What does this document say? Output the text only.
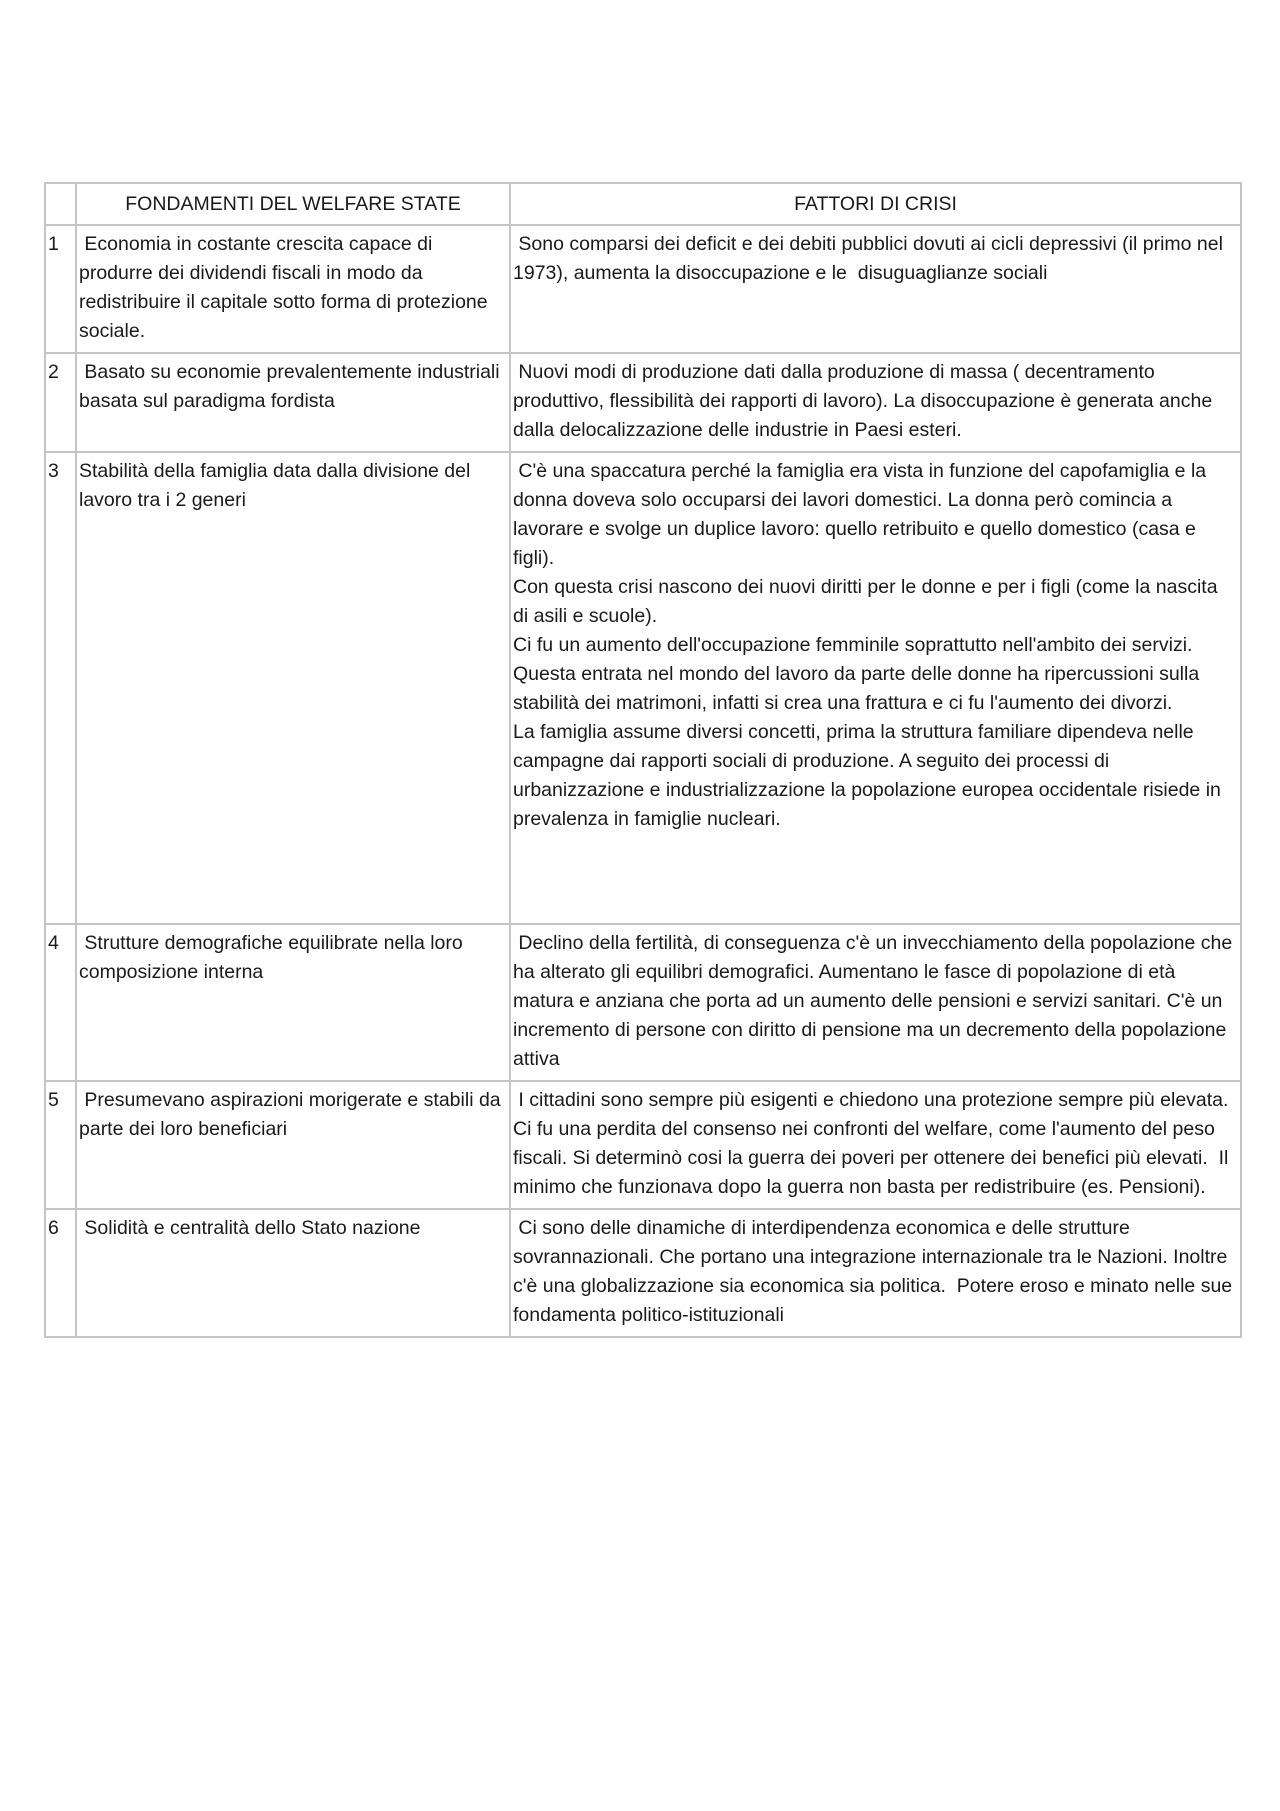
	FONDAMENTI DEL WELFARE STATE	FATTORI DI CRISI
1	Economia in costante crescita capace di produrre dei dividendi fiscali in modo da redistribuire il capitale sotto forma di protezione sociale.	Sono comparsi dei deficit e dei debiti pubblici dovuti ai cicli depressivi (il primo nel 1973), aumenta la disoccupazione e le  disuguaglianze sociali
2	Basato su economie prevalentemente industriali basata sul paradigma fordista	Nuovi modi di produzione dati dalla produzione di massa ( decentramento produttivo, flessibilità dei rapporti di lavoro). La disoccupazione è generata anche dalla delocalizzazione delle industrie in Paesi esteri.
3	Stabilità della famiglia data dalla divisione del lavoro tra i 2 generi	C'è una spaccatura perché la famiglia era vista in funzione del capofamiglia e la donna doveva solo occuparsi dei lavori domestici. La donna però comincia a lavorare e svolge un duplice lavoro: quello retribuito e quello domestico (casa e figli).
Con questa crisi nascono dei nuovi diritti per le donne e per i figli (come la nascita di asili e scuole).
Ci fu un aumento dell'occupazione femminile soprattutto nell'ambito dei servizi.
Questa entrata nel mondo del lavoro da parte delle donne ha ripercussioni sulla stabilità dei matrimoni, infatti si crea una frattura e ci fu l'aumento dei divorzi.
La famiglia assume diversi concetti, prima la struttura familiare dipendeva nelle campagne dai rapporti sociali di produzione. A seguito dei processi di urbanizzazione e industrializzazione la popolazione europea occidentale risiede in prevalenza in famiglie nucleari.
4	Strutture demografiche equilibrate nella loro composizione interna	Declino della fertilità, di conseguenza c'è un invecchiamento della popolazione che ha alterato gli equilibri demografici. Aumentano le fasce di popolazione di età matura e anziana che porta ad un aumento delle pensioni e servizi sanitari. C'è un incremento di persone con diritto di pensione ma un decremento della popolazione attiva
5	Presumevano aspirazioni morigerate e stabili da parte dei loro beneficiari	I cittadini sono sempre più esigenti e chiedono una protezione sempre più elevata. Ci fu una perdita del consenso nei confronti del welfare, come l'aumento del peso fiscali. Si determinò cosi la guerra dei poveri per ottenere dei benefici più elevati.  Il minimo che funzionava dopo la guerra non basta per redistribuire (es. Pensioni).
6	Solidità e centralità dello Stato nazione	Ci sono delle dinamiche di interdipendenza economica e delle strutture sovrannazionali. Che portano una integrazione internazionale tra le Nazioni. Inoltre c'è una globalizzazione sia economica sia politica.  Potere eroso e minato nelle sue fondamenta politico-istituzionali
